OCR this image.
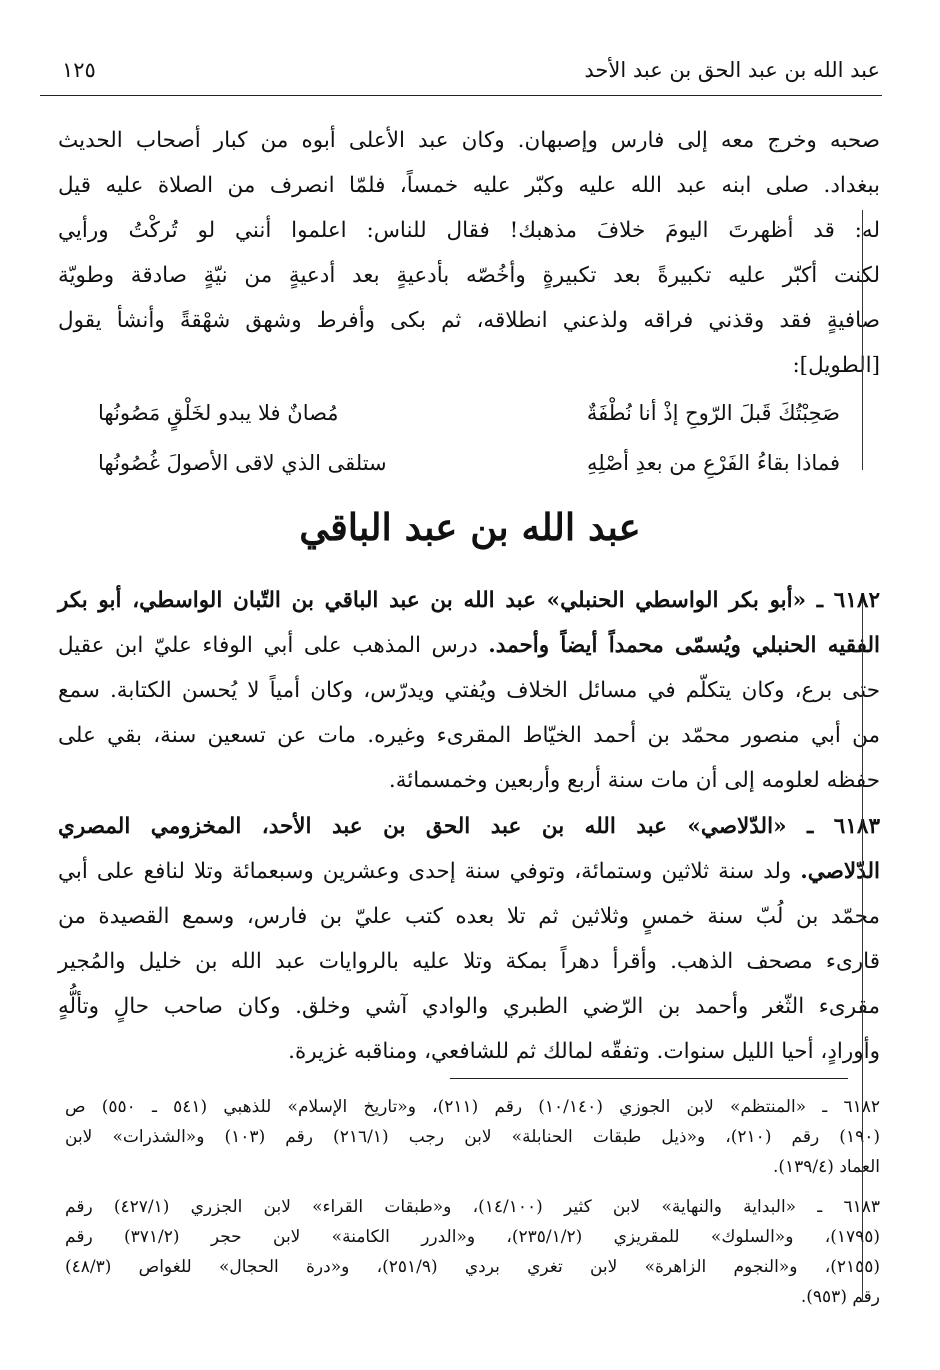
عبد الله بن عبد الحق بن عبد الأحد
١٢٥
صحبه وخرج معه إلى فارس وإصبهان. وكان عبد الأعلى أبوه من كبار أصحاب الحديث
ببغداد. صلى ابنه عبد الله عليه وكبّر عليه خمساً، فلمّا انصرف من الصلاة عليه قيل
له: قد أظهرتَ اليومَ خلافَ مذهبك! فقال للناس: اعلموا أنني لو تُركْتُ ورأيي
لكنت أكبّر عليه تكبيرةً بعد تكبيرةٍ وأخُصّه بأدعيةٍ بعد أدعيةٍ من نيّةٍ صادقة وطويّة
صافيةٍ فقد وقذني فراقه ولذعني انطلاقه، ثم بكى وأفرط وشهق شهْقةً وأنشأ يقول
[الطويل]:
صَحِبْتُكَ قَبلَ الرّوحِ إذْ أنا نُطْفَةٌ
مُصانٌ فلا يبدو لخَلْقٍ مَصُونُها
فماذا بقاءُ الفَرْعِ من بعدِ أصْلِهِ
ستلقى الذي لاقى الأصولَ غُصُونُها
عبد الله بن عبد الباقي
٦١٨٢ ـ «أبو بكر الواسطي الحنبلي» عبد الله بن عبد الباقي بن التّبان الواسطي، أبو بكر
الفقيه الحنبلي ويُسمّى محمداً أيضاً وأحمد. درس المذهب على أبي الوفاء عليّ ابن عقيل
حتى برع، وكان يتكلّم في مسائل الخلاف ويُفتي ويدرّس، وكان أمياً لا يُحسن الكتابة. سمع
من أبي منصور محمّد بن أحمد الخيّاط المقرىء وغيره. مات عن تسعين سنة، بقي على
حفظه لعلومه إلى أن مات سنة أربع وأربعين وخمسمائة.
٦١٨٣ ـ «الدّلاصي» عبد الله بن عبد الحق بن عبد الأحد، المخزومي المصري
الدّلاصي. ولد سنة ثلاثين وستمائة، وتوفي سنة إحدى وعشرين وسبعمائة وتلا لنافع على أبي
محمّد بن لُبّ سنة خمسٍ وثلاثين ثم تلا بعده كتب عليّ بن فارس، وسمع القصيدة من
قارىء مصحف الذهب. وأقرأ دهراً بمكة وتلا عليه بالروايات عبد الله بن خليل والمُجير
مقرىء الثّغر وأحمد بن الرّضي الطبري والوادي آشي وخلق. وكان صاحب حالٍ وتألُّهٍ
وأورادٍ، أحيا الليل سنوات. وتفقّه لمالك ثم للشافعي، ومناقبه غزيرة.
٦١٨٢ ـ «المنتظم» لابن الجوزي (١٠/١٤٠) رقم (٢١١)، و«تاريخ الإسلام» للذهبي (٥٤١ ـ ٥٥٠) ص
(١٩٠) رقم (٢١٠)، و«ذيل طبقات الحنابلة» لابن رجب (٢١٦/١) رقم (١٠٣) و«الشذرات» لابن
العماد (١٣٩/٤).
٦١٨٣ ـ «البداية والنهاية» لابن كثير (١٤/١٠٠)، و«طبقات القراء» لابن الجزري (٤٢٧/١) رقم
(١٧٩٥)، و«السلوك» للمقريزي (٢٣٥/١/٢)، و«الدرر الكامنة» لابن حجر (٣٧١/٢) رقم
(٢١٥٥)، و«النجوم الزاهرة» لابن تغري بردي (٢٥١/٩)، و«درة الحجال» للغواص (٤٨/٣)
رقم (٩٥٣).
